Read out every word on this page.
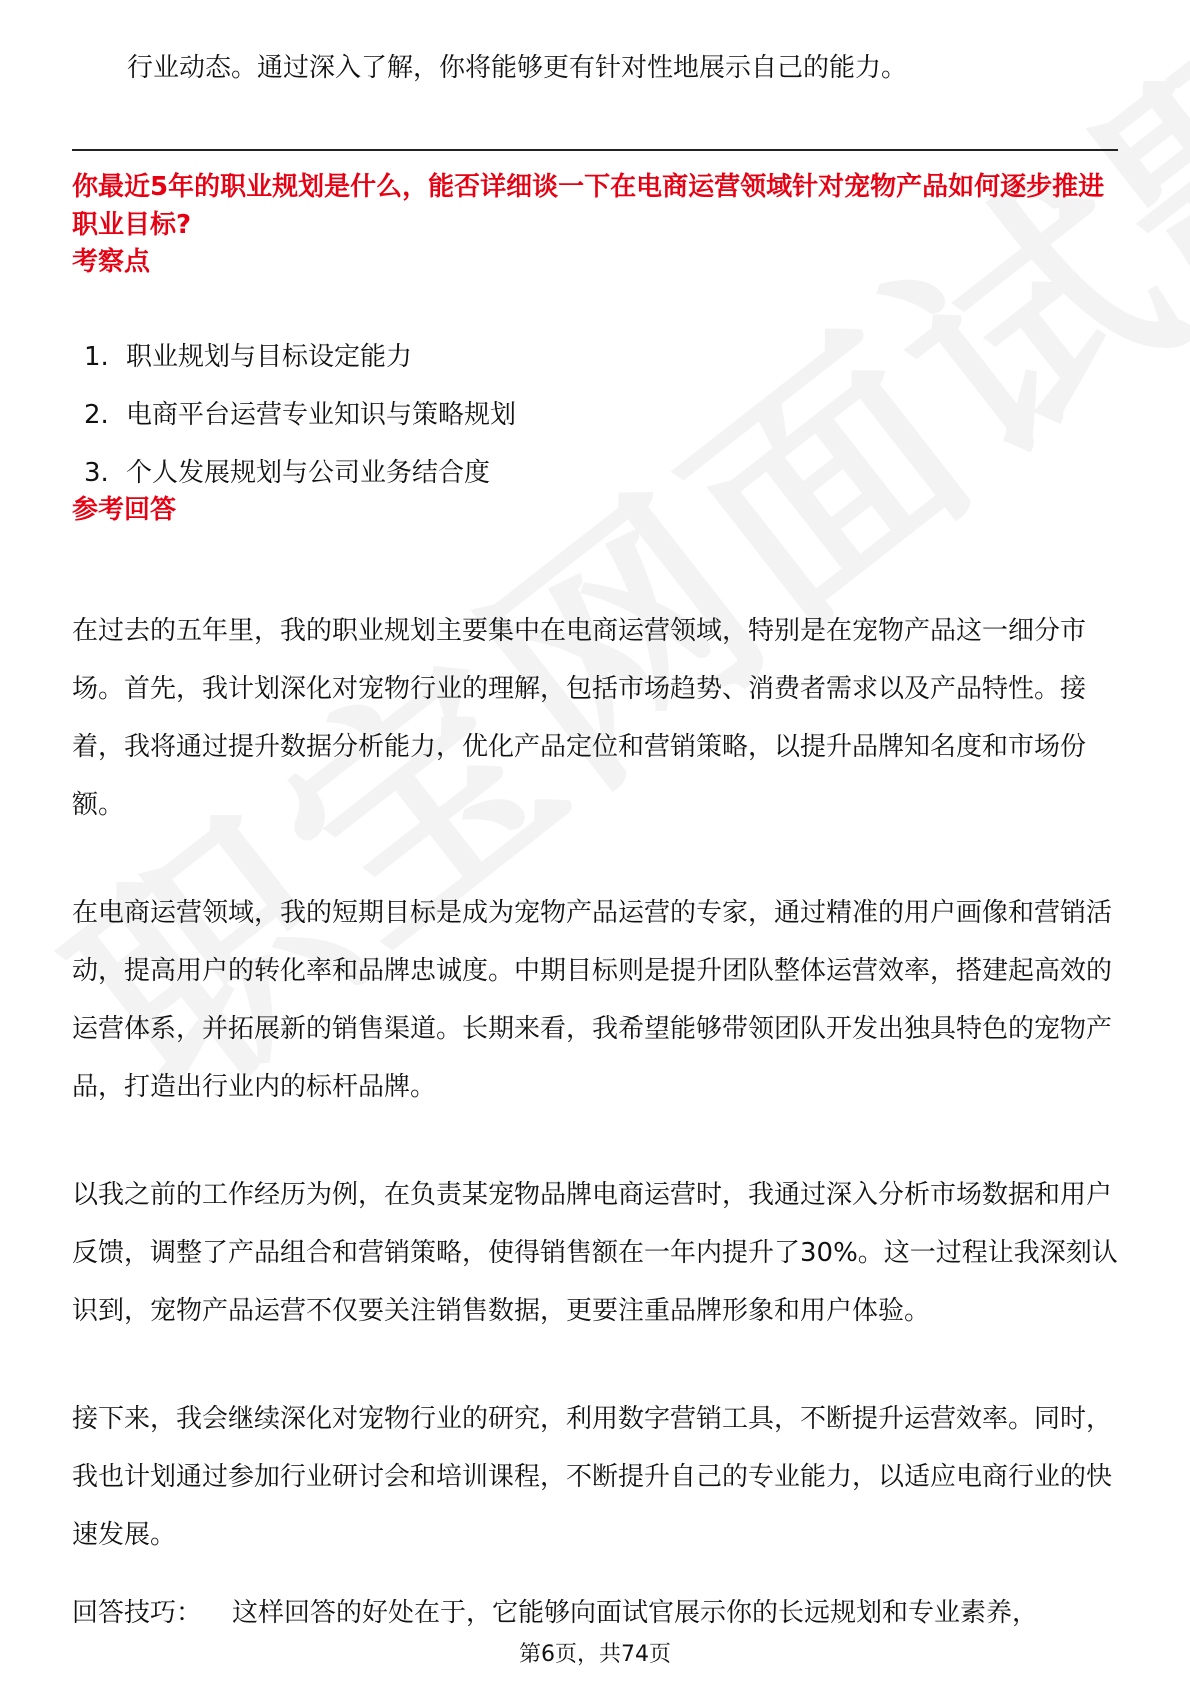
行业动态。通过深入了解，你将能够更有针对性地展示自己的能力。
你最近5年的职业规划是什么，能否详细谈一下在电商运营领域针对宠物产品如何逐步推进职业目标?
考察点
1. 职业规划与目标设定能力
2. 电商平台运营专业知识与策略规划
3. 个人发展规划与公司业务结合度
参考回答

在过去的五年里，我的职业规划主要集中在电商运营领域，特别是在宠物产品这一细分市场。首先，我计划深化对宠物行业的理解，包括市场趋势、消费者需求以及产品特性。接着，我将通过提升数据分析能力，优化产品定位和营销策略，以提升品牌知名度和市场份额。

在电商运营领域，我的短期目标是成为宠物产品运营的专家，通过精准的用户画像和营销活动，提高用户的转化率和品牌忠诚度。中期目标则是提升团队整体运营效率，搭建起高效的运营体系，并拓展新的销售渠道。长期来看，我希望能够带领团队开发出独具特色的宠物产品，打造出行业内的标杆品牌。

以我之前的工作经历为例，在负责某宠物品牌电商运营时，我通过深入分析市场数据和用户反馈，调整了产品组合和营销策略，使得销售额在一年内提升了30%。这一过程让我深刻认识到，宠物产品运营不仅要关注销售数据，更要注重品牌形象和用户体验。

接下来，我会继续深化对宠物行业的研究，利用数字营销工具，不断提升运营效率。同时，我也计划通过参加行业研讨会和培训课程，不断提升自己的专业能力，以适应电商行业的快速发展。

回答技巧： 这样回答的好处在于，它能够向面试官展示你的长远规划和专业素养，
第6页，共74页
